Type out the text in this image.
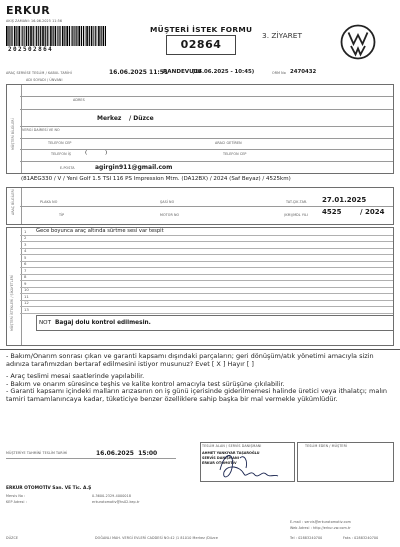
ERKUR
AKIŞ ZAMANI: 16.06.2025 11:56
202502864
MÜŞTERİ İSTEK FORMU
02864
3. ZİYARET
ARAÇ SERVİSE TESLİM / KABUL TARİHİ	16.06.2025 11:51
RANDEVULU
(16.06.2025 - 10:45)	ORM No 2470432
ADI SOYADI / ÜNVANI
MÜŞTERİ BİLGİLERİ
ADRES
Merkez / Düzce
VERGİ DAİRESİ VE NO
TELEFON CEP	ARACI GETİREN
TELEFON İŞ (          )	TELEFON CEP
E-POSTA	agirgin911@gmail.com
(81AEG330 / V / Yeni Golf 1.5 TSI 116 PS Impression Mtm. (DA12BX) / 2024 (Saf Beyaz) / 4525km)
ARAÇ BİLGİLERİ	PLAKA NO	ŞASİ NO	TAT.ÇIK.TAR. 27.01.2025
TİP	MOTOR NO	(KM)/MDL YILI 4525	/ 2024
MÜŞTERİ İSTEKLERİ / ŞİKAYETLERİ
1 Gece boyunca araç altında sürtme sesi var tespit
2
3
4
5
6
7
8
9
10
11
12
13
NOT Bagaj dolu kontrol edilmesin.
- Bakım/Onarım sonrası çıkan ve garanti kapsamı dışındaki parçaların; geri dönüşüm/atık yönetimi amacıyla sizin adınıza tarafımızdan bertaraf edilmesini istiyor musunuz? Evet [ X ] Hayır [ ]
- Araç teslimi mesai saatlerinde yapılabilir.
- Bakım ve onarım süresince teşhis ve kalite kontrol amacıyla test sürüşüne çıkılabilir.
- Garanti kapsamı içindeki malların arızasının on iş günü içerisinde giderilmemesi halinde üretici veya ithalatçı; malın tamiri tamamlanıncaya kadar, tüketiciye benzer özelliklere sahip başka bir mal vermekle yükümlüdür.
MÜŞTERİYE TAHMİNİ TESLİM TARİHİ	16.06.2025  15:00
TESLİM ALAN / SERVİS DANIŞMANI
AHMET YANKIYAR TAŞAROĞLU
SERVİS DANIŞMANI
ERKUR OTOMOTİV
TESLİM EDEN / MÜŞTERİ
ERKUR OTOMOTİV San. VE Tic. A.Ş
Mersis No :	0-3600-2329-4000018
KEP Adresi :	erkurotomotiv@hs02.kep.tr
E-mail : servis@erkurotomotiv.com
Web Adresi : http://erkur.vw.com.tr
DÜZCE	DOĞANLI MAH. VERGİ EVLERİ CADDESİ NO:42 /1 81010 Merkez /Düzce	Tel : 02883240700	Faks : 02883240700
